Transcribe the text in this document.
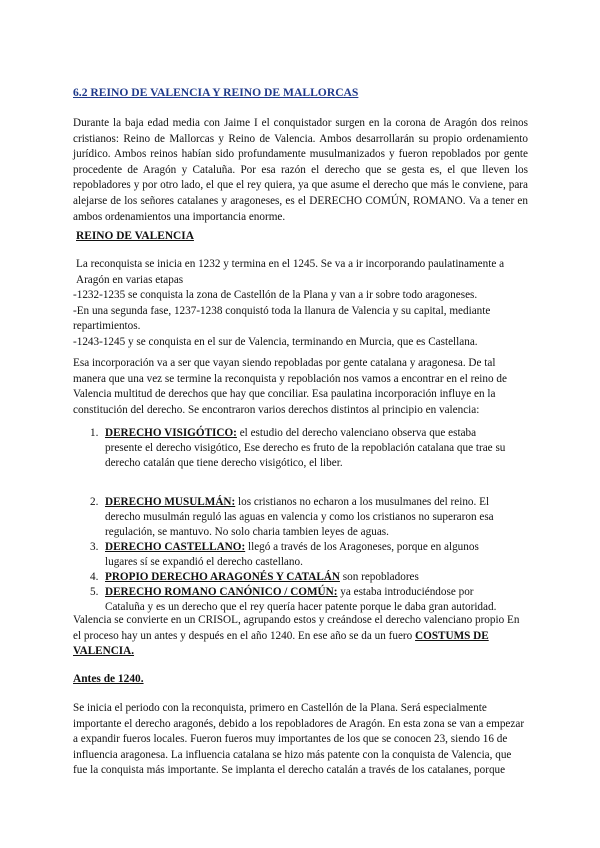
6.2 REINO DE VALENCIA Y REINO DE MALLORCAS

Durante la baja edad media con Jaime I el conquistador surgen en la corona de Aragón dos reinos cristianos: Reino de Mallorcas y Reino de Valencia. Ambos desarrollarán su propio ordenamiento jurídico. Ambos reinos habían sido profundamente musulmanizados y fueron repoblados por gente procedente de Aragón y Cataluña. Por esa razón el derecho que se gesta es, el que lleven los repobladores y por otro lado, el que el rey quiera, ya que asume el derecho que más le conviene, para alejarse de los señores catalanes y aragoneses, es el DERECHO COMÚN, ROMANO. Va a tener en ambos ordenamientos una importancia enorme.

REINO DE VALENCIA

La reconquista se inicia en 1232 y termina en el 1245. Se va a ir incorporando paulatinamente a Aragón en varias etapas

-1232-1235 se conquista la zona de Castellón de la Plana y van a ir sobre todo aragoneses.

-En una segunda fase, 1237-1238 conquistó toda la llanura de Valencia y su capital, mediante repartimientos.

-1243-1245 y se conquista en el sur de Valencia, terminando en Murcia, que es Castellana.

Esa incorporación va a ser que vayan siendo repobladas por gente catalana y aragonesa. De tal manera que una vez se termine la reconquista y repoblación nos vamos a encontrar en el reino de Valencia multitud de derechos que hay que conciliar. Esa paulatina incorporación influye en la constitución del derecho. Se encontraron varios derechos distintos al principio en valencia:

1. DERECHO VISIGÓTICO: el estudio del derecho valenciano observa que estaba presente el derecho visigótico, Ese derecho es fruto de la repoblación catalana que trae su derecho catalán que tiene derecho visigótico, el liber.
2. DERECHO MUSULMÁN: los cristianos no echaron a los musulmanes del reino. El derecho musulmán reguló las aguas en valencia y como los cristianos no superaron esa regulación, se mantuvo. No solo charia tambien leyes de aguas.
3. DERECHO CASTELLANO: llegó a través de los Aragoneses, porque en algunos lugares sí se expandió el derecho castellano.
4. PROPIO DERECHO ARAGONÉS Y CATALÁN son repobladores
5. DERECHO ROMANO CANÓNICO / COMÚN: ya estaba introduciéndose por Cataluña y es un derecho que el rey quería hacer patente porque le daba gran autoridad.

Valencia se convierte en un CRISOL, agrupando estos y creándose el derecho valenciano propio En el proceso hay un antes y después en el año 1240. En ese año se da un fuero COSTUMS DE VALENCIA.

Antes de 1240.

Se inicia el periodo con la reconquista, primero en Castellón de la Plana. Será especialmente importante el derecho aragonés, debido a los repobladores de Aragón. En esta zona se van a empezar a expandir fueros locales. Fueron fueros muy importantes de los que se conocen 23, siendo 16 de influencia aragonesa. La influencia catalana se hizo más patente con la conquista de Valencia, que fue la conquista más importante. Se implanta el derecho catalán a través de los catalanes, porque
